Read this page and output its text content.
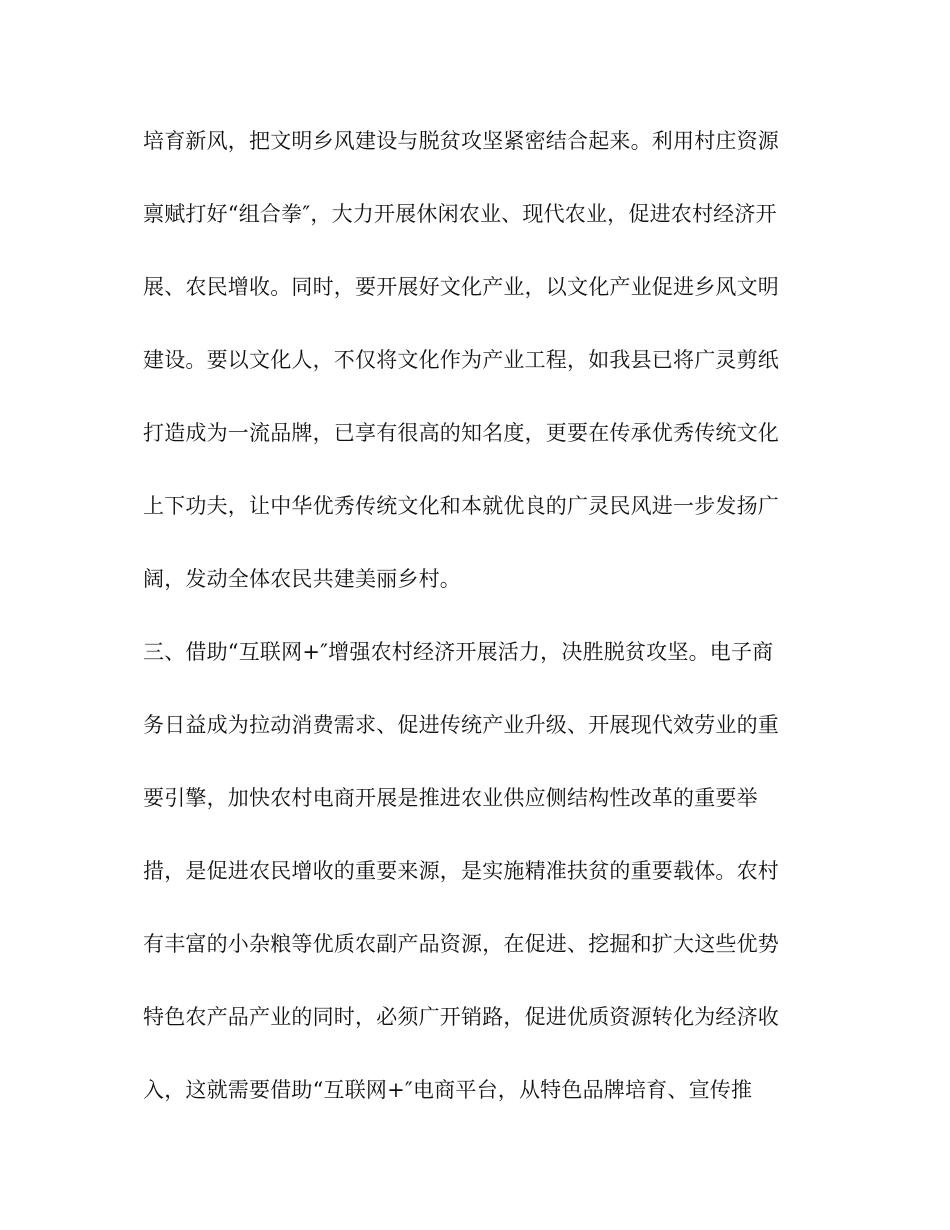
培育新风，把文明乡风建设与脱贫攻坚紧密结合起来。利用村庄资源
禀赋打好“组合拳″，大力开展休闲农业、现代农业，促进农村经济开
展、农民增收。同时，要开展好文化产业，以文化产业促进乡风文明
建设。要以文化人，不仅将文化作为产业工程，如我县已将广灵剪纸
打造成为一流品牌，已享有很高的知名度，更要在传承优秀传统文化
上下功夫，让中华优秀传统文化和本就优良的广灵民风进一步发扬广
阔，发动全体农民共建美丽乡村。
三、借助“互联网+″增强农村经济开展活力，决胜脱贫攻坚。电子商
务日益成为拉动消费需求、促进传统产业升级、开展现代效劳业的重
要引擎，加快农村电商开展是推进农业供应侧结构性改革的重要举
措，是促进农民增收的重要来源，是实施精准扶贫的重要载体。农村
有丰富的小杂粮等优质农副产品资源，在促进、挖掘和扩大这些优势
特色农产品产业的同时，必须广开销路，促进优质资源转化为经济收
入，这就需要借助“互联网+″电商平台，从特色品牌培育、宣传推
